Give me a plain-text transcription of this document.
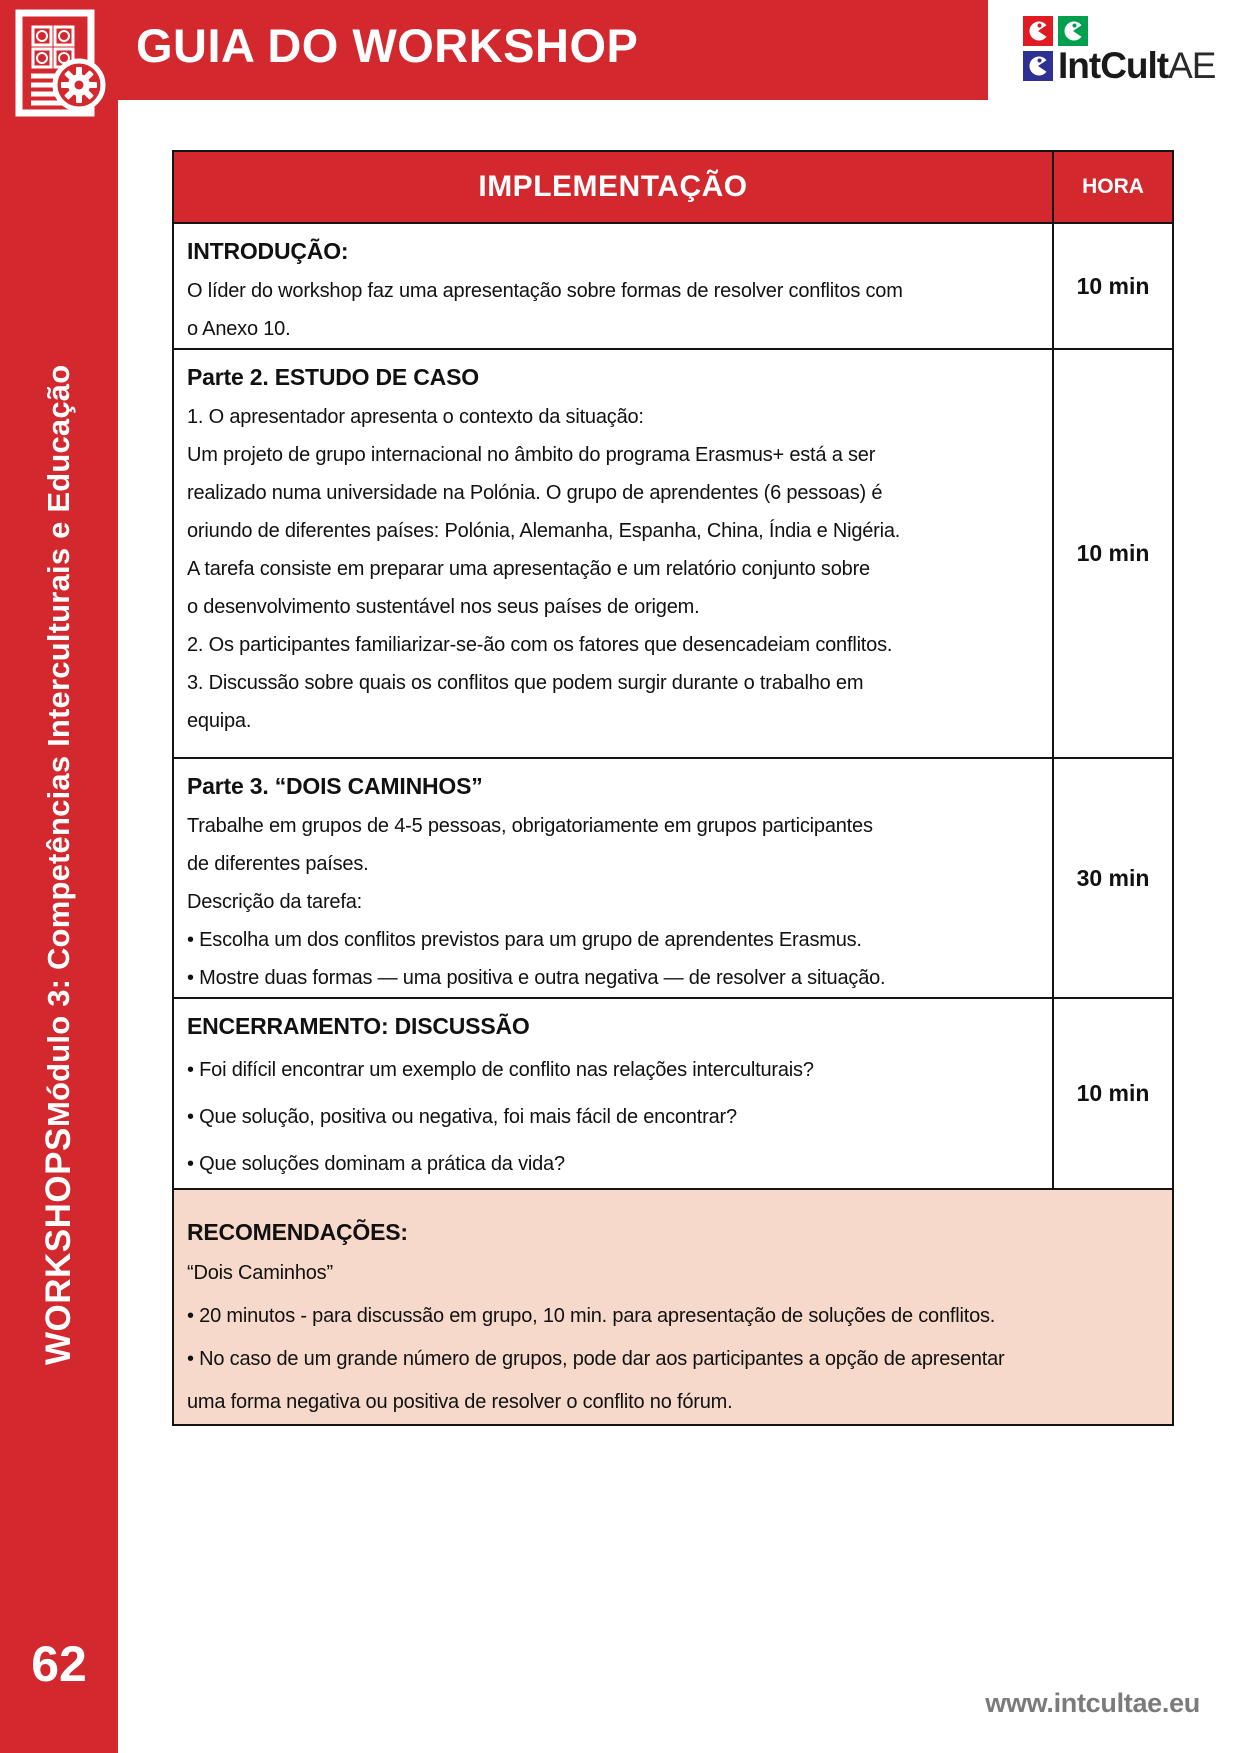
WORKSHOPS
Módulo 3: Competências Interculturais e Educação
62
GUIA DO WORKSHOP	IntCultAE
IMPLEMENTAÇÃO	HORA

INTRODUÇÃO:
O líder do workshop faz uma apresentação sobre formas de resolver conflitos com
o Anexo 10.	10 min

Parte 2. ESTUDO DE CASO
1. O apresentador apresenta o contexto da situação:
Um projeto de grupo internacional no âmbito do programa Erasmus+ está a ser
realizado numa universidade na Polónia. O grupo de aprendentes (6 pessoas) é
oriundo de diferentes países: Polónia, Alemanha, Espanha, China, Índia e Nigéria.
A tarefa consiste em preparar uma apresentação e um relatório conjunto sobre
o desenvolvimento sustentável nos seus países de origem.
2. Os participantes familiarizar-se-ão com os fatores que desencadeiam conflitos.
3. Discussão sobre quais os conflitos que podem surgir durante o trabalho em
equipa.
	10 min

Parte 3. “DOIS CAMINHOS”
Trabalhe em grupos de 4-5 pessoas, obrigatoriamente em grupos participantes
de diferentes países.
Descrição da tarefa:
• Escolha um dos conflitos previstos para um grupo de aprendentes Erasmus.
• Mostre duas formas — uma positiva e outra negativa — de resolver a situação.
	30 min

ENCERRAMENTO: DISCUSSÃO
• Foi difícil encontrar um exemplo de conflito nas relações interculturais?
• Que solução, positiva ou negativa, foi mais fácil de encontrar?
• Que soluções dominam a prática da vida?	10 min

RECOMENDAÇÕES:
“Dois Caminhos”
• 20 minutos - para discussão em grupo, 10 min. para apresentação de soluções de conflitos.
• No caso de um grande número de grupos, pode dar aos participantes a opção de apresentar
uma forma negativa ou positiva de resolver o conflito no fórum.	
www.intcultae.eu
